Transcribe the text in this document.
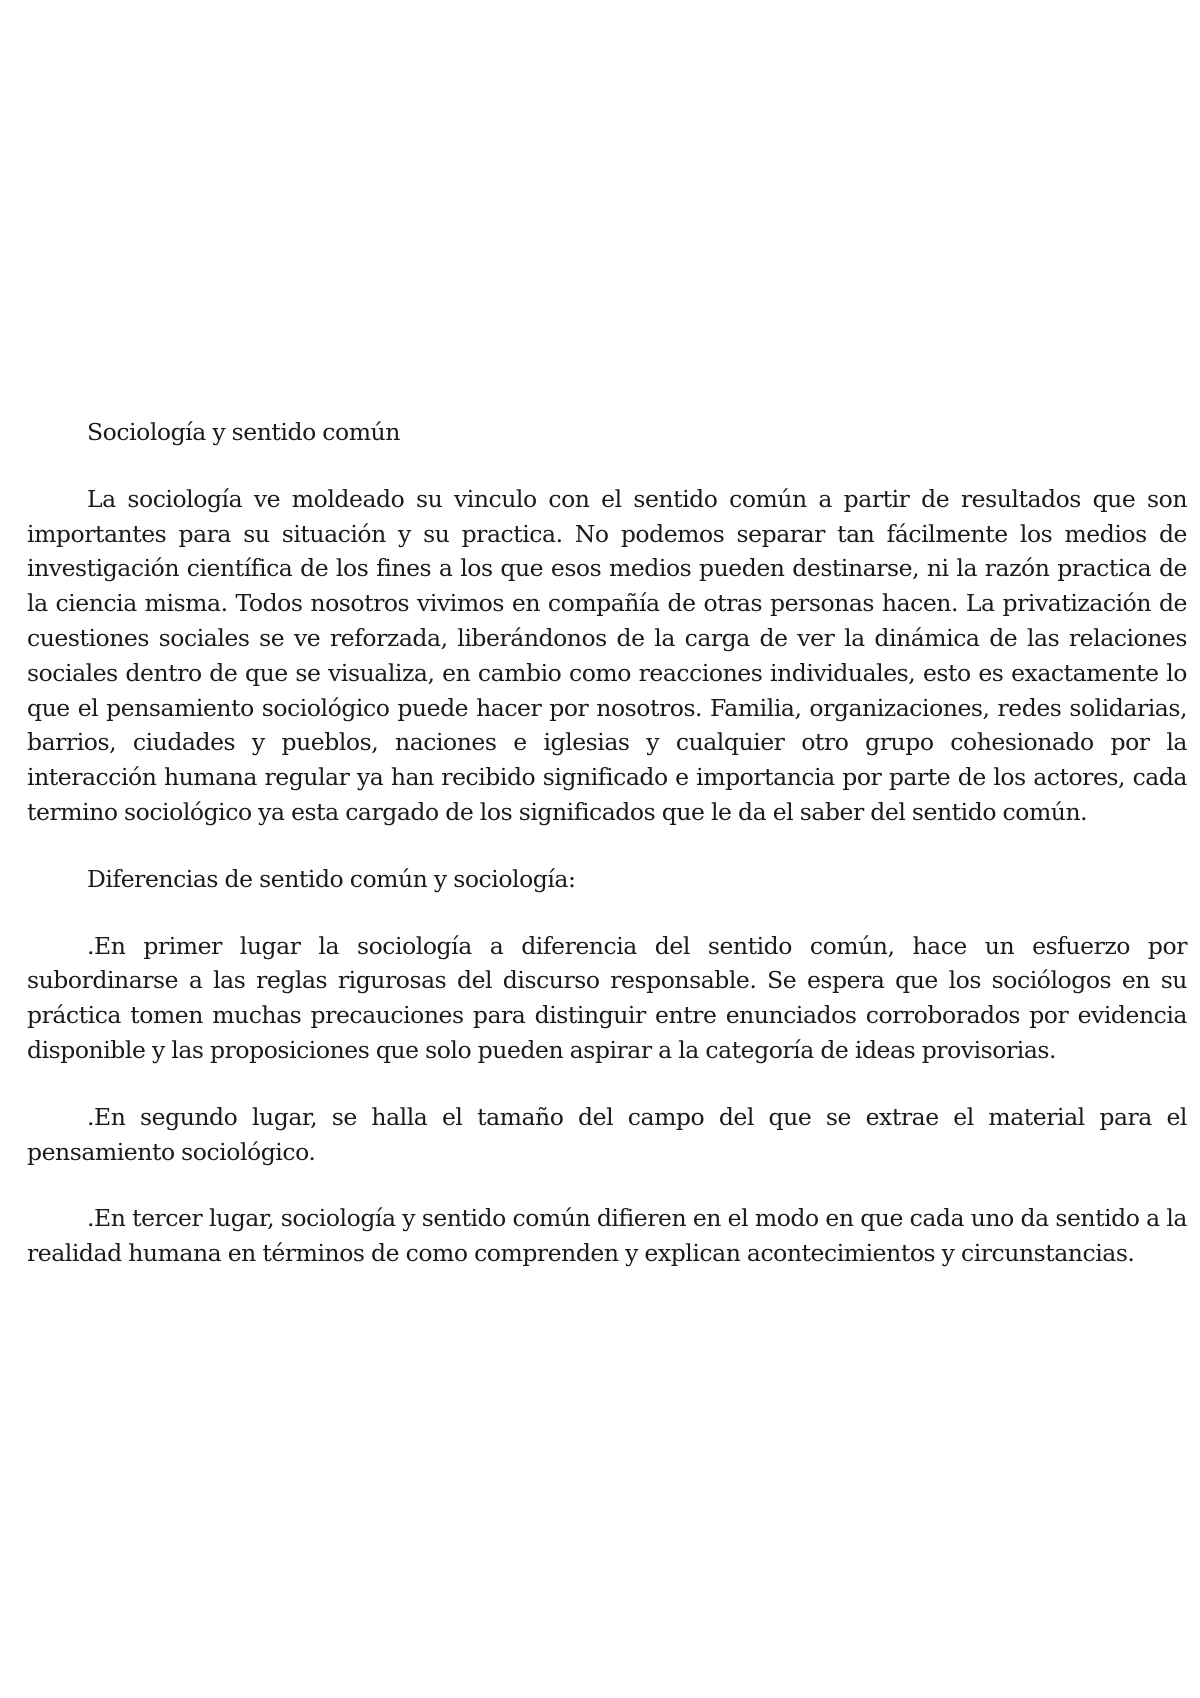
Sociología y sentido común

La sociología ve moldeado su vinculo con el sentido común a partir de resultados que son importantes para su situación y su practica. No podemos separar tan fácilmente los medios de investigación científica de los fines a los que esos medios pueden destinarse, ni la razón practica de la ciencia misma. Todos nosotros vivimos en compañía de otras personas hacen. La privatización de cuestiones sociales se ve reforzada, liberándonos de la carga de ver la dinámica de las relaciones sociales dentro de que se visualiza, en cambio como reacciones individuales, esto es exactamente lo que el pensamiento sociológico puede hacer por nosotros. Familia, organizaciones, redes solidarias, barrios, ciudades y pueblos, naciones e iglesias y cualquier otro grupo cohesionado por la interacción humana regular ya han recibido significado e importancia por parte de los actores, cada termino sociológico ya esta cargado de los significados que le da el saber del sentido común.

Diferencias de sentido común y sociología:

.En primer lugar la sociología a diferencia del sentido común, hace un esfuerzo por subordinarse a las reglas rigurosas del discurso responsable. Se espera que los sociólogos en su práctica tomen muchas precauciones para distinguir entre enunciados corroborados por evidencia disponible y las proposiciones que solo pueden aspirar a la categoría de ideas provisorias.

.En segundo lugar, se halla el tamaño del campo del que se extrae el material para el pensamiento sociológico.

.En tercer lugar, sociología y sentido común difieren en el modo en que cada uno da sentido a la realidad humana en términos de como comprenden y explican acontecimientos y circunstancias.
